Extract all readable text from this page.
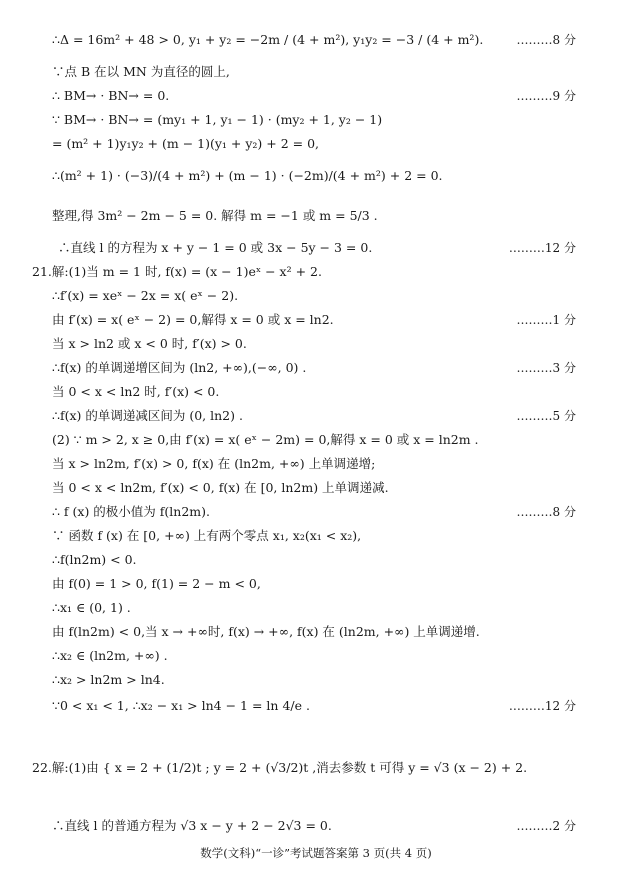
∴Δ = 16m² + 48 > 0, y₁ + y₂ = −2m / (4 + m²), y₁y₂ = −3 / (4 + m²).	………8 分
∵点 B 在以 MN 为直径的圆上,
∴ BM→ · BN→ = 0.	………9 分
∵ BM→ · BN→ = (my₁ + 1, y₁ − 1) · (my₂ + 1, y₂ − 1)
= (m² + 1)y₁y₂ + (m − 1)(y₁ + y₂) + 2 = 0,
∴(m² + 1) · (−3)/(4 + m²) + (m − 1) · (−2m)/(4 + m²) + 2 = 0.
整理,得 3m² − 2m − 5 = 0. 解得 m = −1 或 m = 5/3 .
∴直线 l 的方程为 x + y − 1 = 0 或 3x − 5y − 3 = 0.	………12 分
21.解:(1)当 m = 1 时, f(x) = (x − 1)eˣ − x² + 2.
∴f′(x) = xeˣ − 2x = x( eˣ − 2).
由 f′(x) = x( eˣ − 2) = 0,解得 x = 0 或 x = ln2.	………1 分
当 x > ln2 或 x < 0 时, f′(x) > 0.
∴f(x) 的单调递增区间为 (ln2, +∞),(−∞, 0) .	………3 分
当 0 < x < ln2 时, f′(x) < 0.
∴f(x) 的单调递减区间为 (0, ln2) .	………5 分
(2) ∵ m > 2, x ≥ 0,由 f′(x) = x( eˣ − 2m) = 0,解得 x = 0 或 x = ln2m .
当 x > ln2m, f′(x) > 0, f(x) 在 (ln2m, +∞) 上单调递增;
当 0 < x < ln2m, f′(x) < 0, f(x) 在 [0, ln2m) 上单调递减.
∴ f (x) 的极小值为 f(ln2m).	………8 分
∵ 函数 f (x) 在 [0, +∞) 上有两个零点 x₁, x₂(x₁ < x₂),
∴f(ln2m) < 0.
由 f(0) = 1 > 0, f(1) = 2 − m < 0,
∴x₁ ∈ (0, 1) .
由 f(ln2m) < 0,当 x → +∞时, f(x) → +∞, f(x) 在 (ln2m, +∞) 上单调递增.
∴x₂ ∈ (ln2m, +∞) .
∴x₂ > ln2m > ln4.
∵0 < x₁ < 1, ∴x₂ − x₁ > ln4 − 1 = ln 4/e .	………12 分
22.解:(1)由 { x = 2 + (1/2)t ; y = 2 + (√3/2)t ,消去参数 t 可得 y = √3 (x − 2) + 2.
∴直线 l 的普通方程为 √3 x − y + 2 − 2√3 = 0.	………2 分
数学(文科)“一诊”考试题答案第 3 页(共 4 页)
